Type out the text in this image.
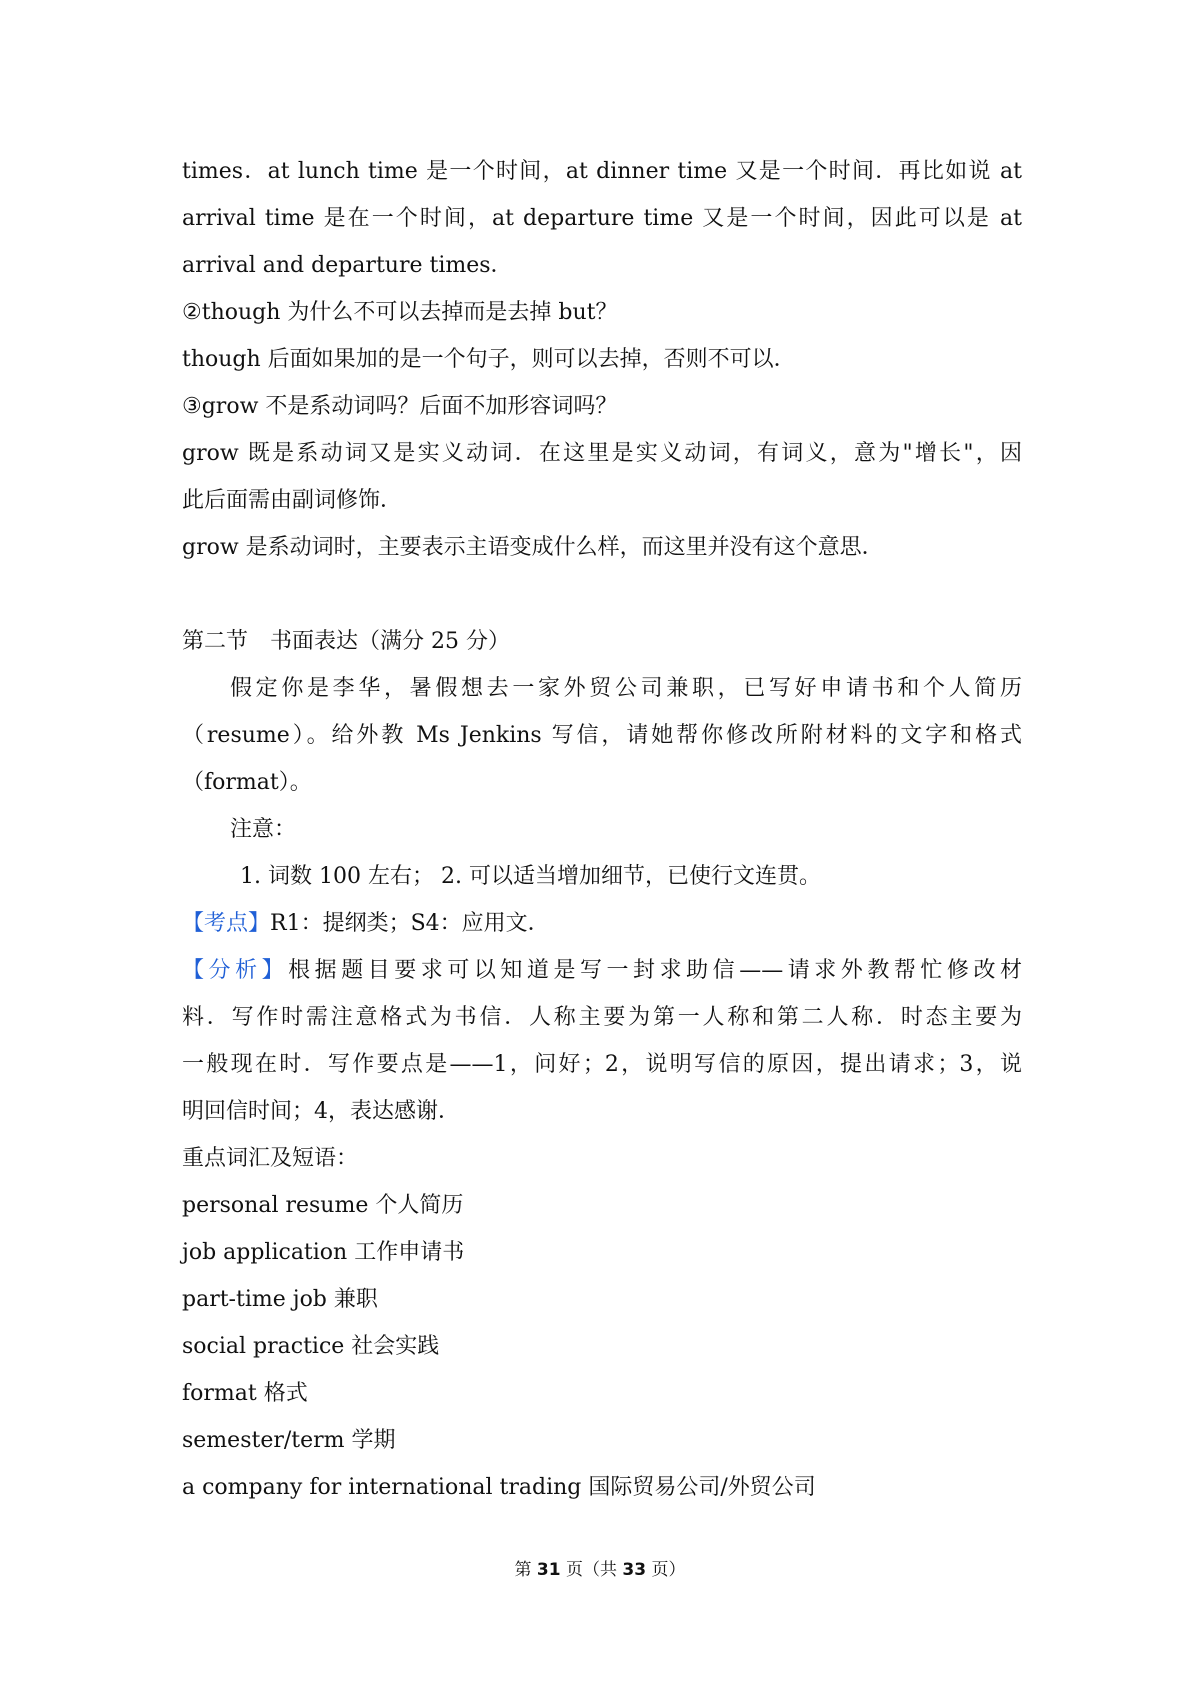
times．at lunch time 是一个时间，at dinner time 又是一个时间．再比如说 at
arrival time 是在一个时间，at departure time 又是一个时间，因此可以是 at
arrival and departure times．
②though 为什么不可以去掉而是去掉 but？
though 后面如果加的是一个句子，则可以去掉，否则不可以．
③grow 不是系动词吗？后面不加形容词吗？
grow 既是系动词又是实义动词．在这里是实义动词，有词义，意为"增长"，因
此后面需由副词修饰．
grow 是系动词时，主要表示主语变成什么样，而这里并没有这个意思．
第二节　书面表达（满分 25 分）
假定你是李华，暑假想去一家外贸公司兼职，已写好申请书和个人简历
（resume）。给外教 Ms Jenkins 写信，请她帮你修改所附材料的文字和格式
（format）。
注意：
1. 词数 100 左右； 2. 可以适当增加细节，已使行文连贯。
【考点】R1：提纲类；S4：应用文．
【分析】根据题目要求可以知道是写一封求助信——请求外教帮忙修改材
料．写作时需注意格式为书信．人称主要为第一人称和第二人称．时态主要为
一般现在时．写作要点是——1，问好；2，说明写信的原因，提出请求；3，说
明回信时间；4，表达感谢．
重点词汇及短语：
personal resume 个人简历
job application 工作申请书
part-time job 兼职
social practice 社会实践
format 格式
semester/term 学期
a company for international trading 国际贸易公司/外贸公司
第 31 页（共 33 页）
